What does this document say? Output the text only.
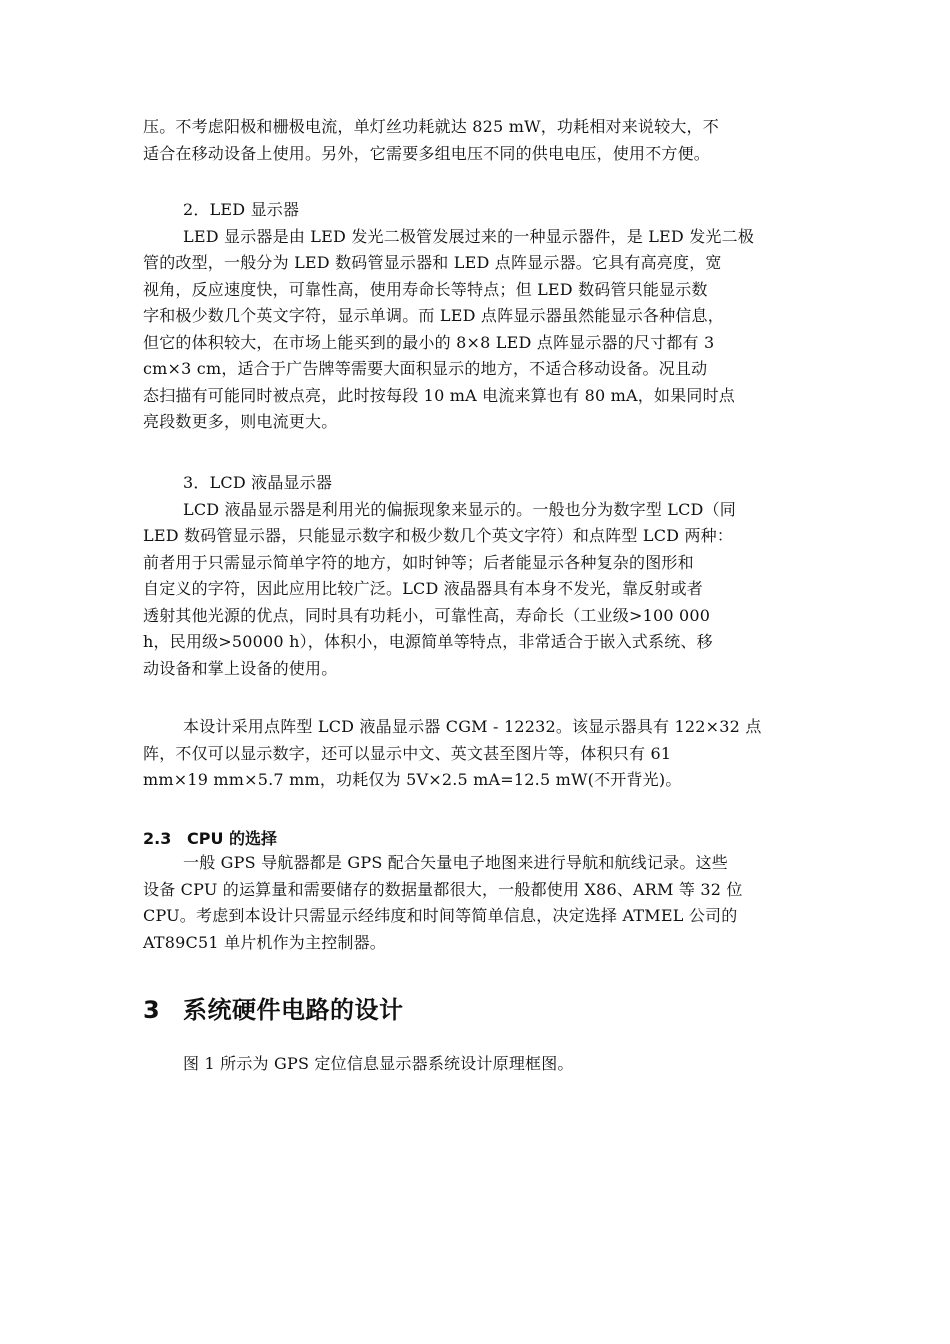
压。不考虑阳极和栅极电流，单灯丝功耗就达 825 mW，功耗相对来说较大，不
适合在移动设备上使用。另外，它需要多组电压不同的供电电压，使用不方便。
2．LED 显示器
LED 显示器是由 LED 发光二极管发展过来的一种显示器件，是 LED 发光二极
管的改型，一般分为 LED 数码管显示器和 LED 点阵显示器。它具有高亮度，宽
视角，反应速度快，可靠性高，使用寿命长等特点；但 LED 数码管只能显示数
字和极少数几个英文字符，显示单调。而 LED 点阵显示器虽然能显示各种信息，
但它的体积较大，在市场上能买到的最小的 8×8 LED 点阵显示器的尺寸都有 3
cm×3 cm，适合于广告牌等需要大面积显示的地方，不适合移动设备。况且动
态扫描有可能同时被点亮，此时按每段 10 mA 电流来算也有 80 mA，如果同时点
亮段数更多，则电流更大。
3．LCD 液晶显示器
LCD 液晶显示器是利用光的偏振现象来显示的。一般也分为数字型 LCD（同
LED 数码管显示器，只能显示数字和极少数几个英文字符）和点阵型 LCD 两种：
前者用于只需显示简单字符的地方，如时钟等；后者能显示各种复杂的图形和
自定义的字符，因此应用比较广泛。LCD 液晶器具有本身不发光，靠反射或者
透射其他光源的优点，同时具有功耗小，可靠性高，寿命长（工业级>100 000
h，民用级>50000 h），体积小，电源简单等特点，非常适合于嵌入式系统、移
动设备和掌上设备的使用。
本设计采用点阵型 LCD 液晶显示器 CGM - 12232。该显示器具有 122×32 点
阵，不仅可以显示数字，还可以显示中文、英文甚至图片等，体积只有 61
mm×19 mm×5.7 mm，功耗仅为 5V×2.5 mA=12.5 mW(不开背光)。
2.3 CPU 的选择
一般 GPS 导航器都是 GPS 配合矢量电子地图来进行导航和航线记录。这些
设备 CPU 的运算量和需要储存的数据量都很大，一般都使用 X86、ARM 等 32 位
CPU。考虑到本设计只需显示经纬度和时间等简单信息，决定选择 ATMEL 公司的
AT89C51 单片机作为主控制器。
3 系统硬件电路的设计
图 1 所示为 GPS 定位信息显示器系统设计原理框图。
